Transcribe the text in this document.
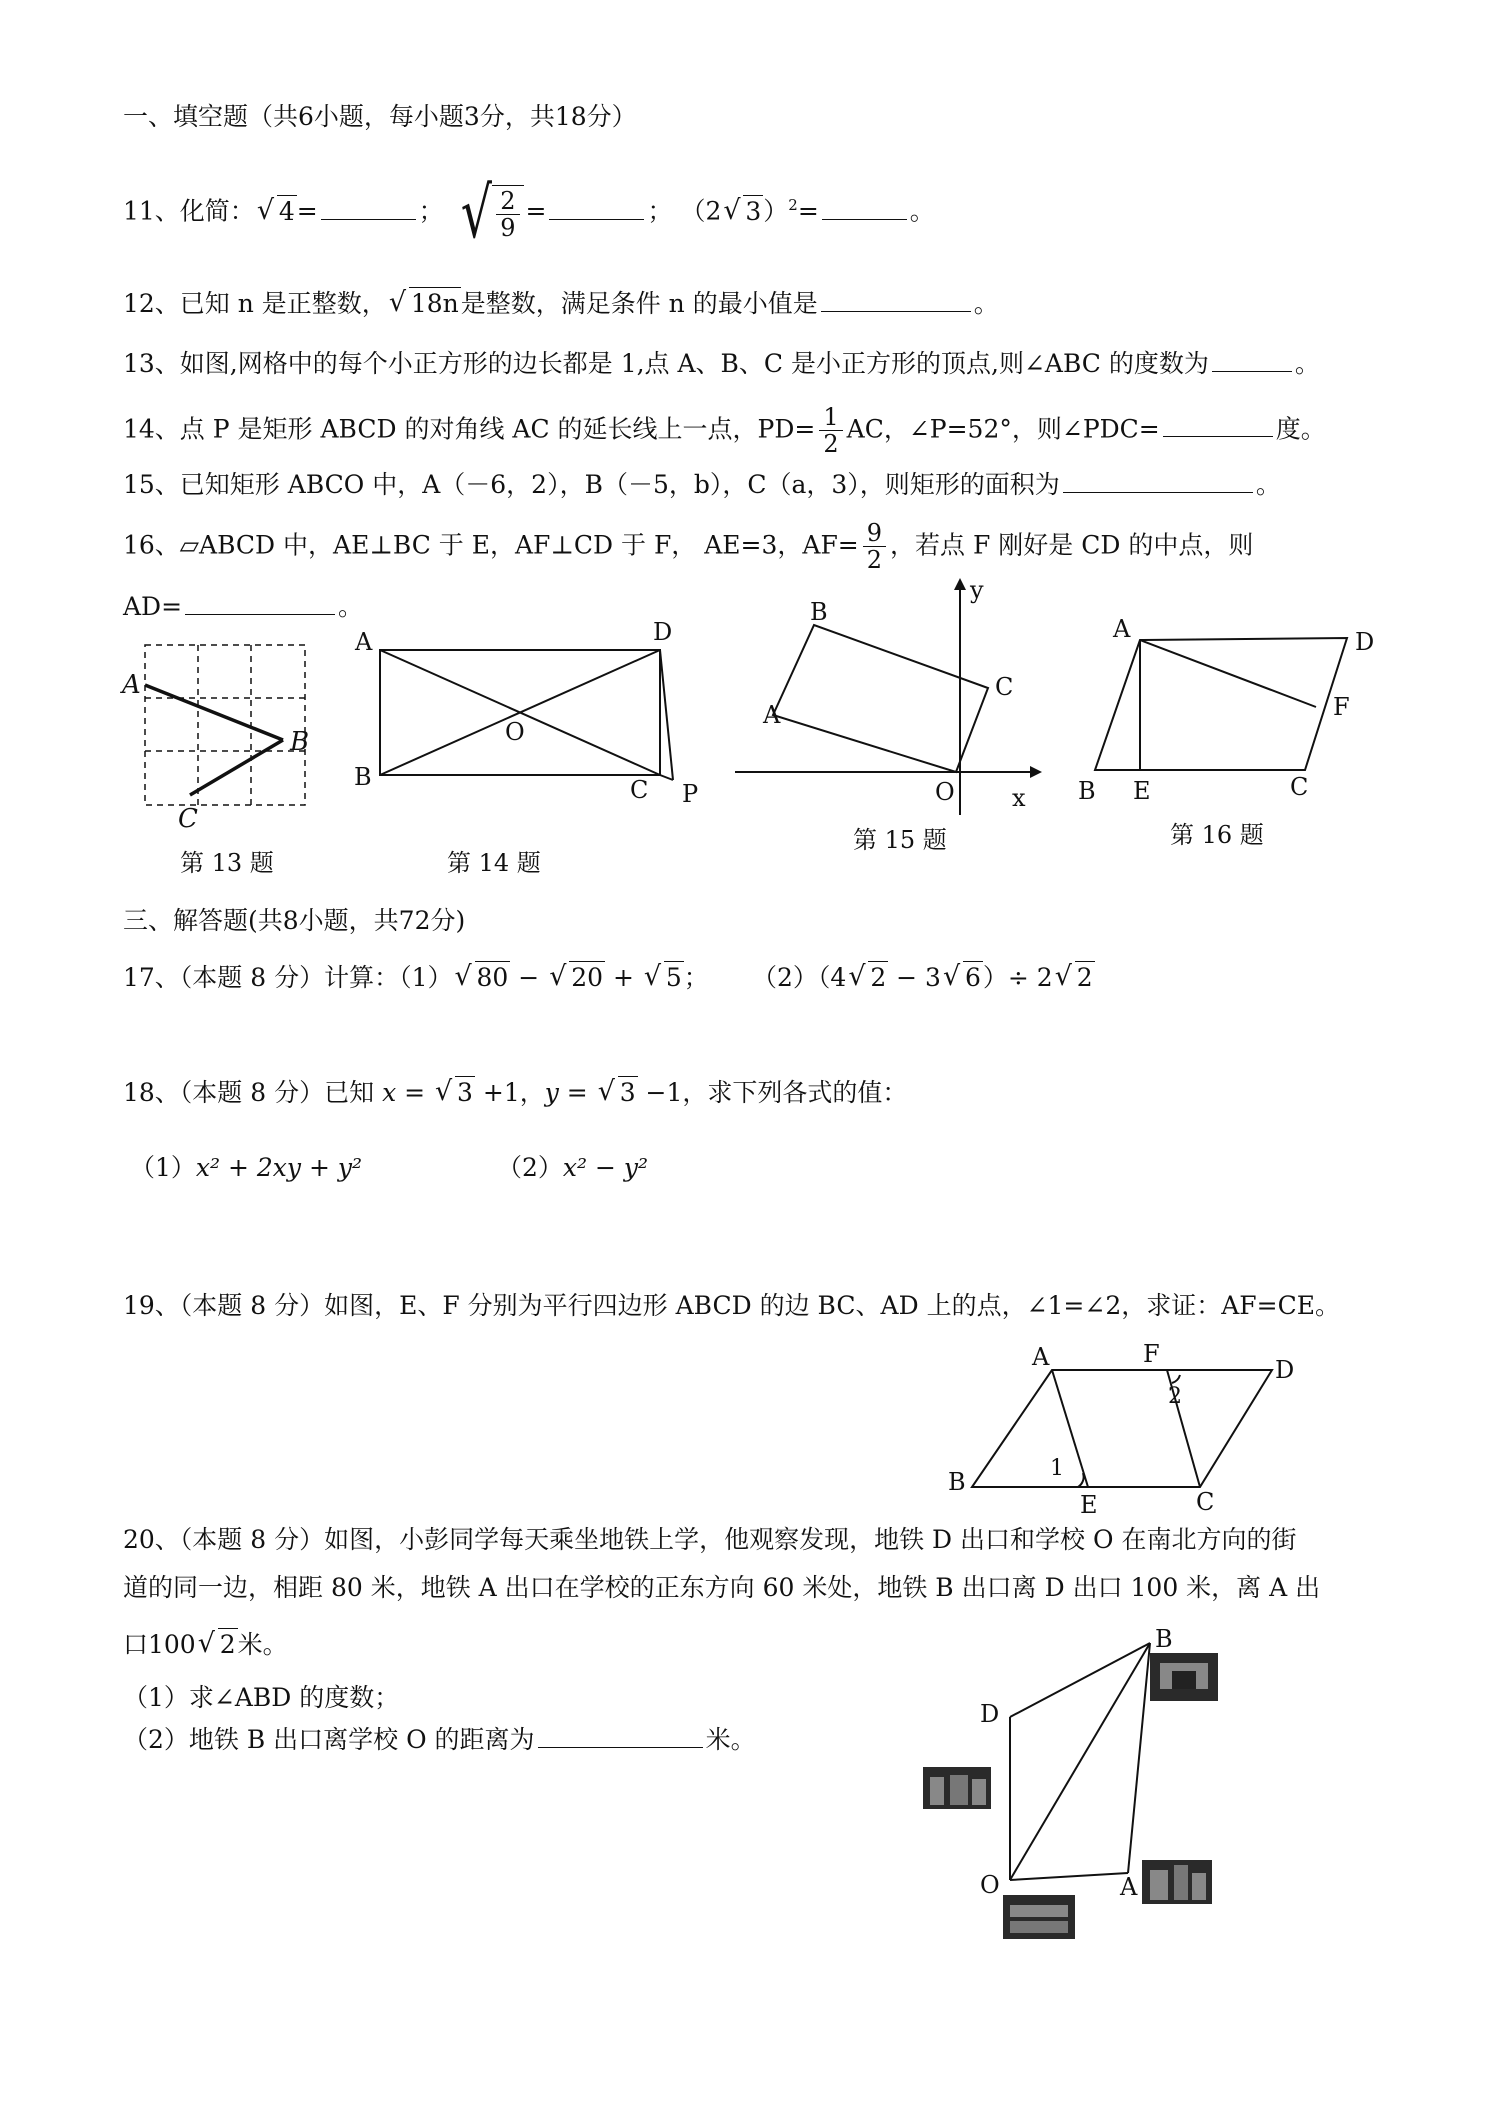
一、填空题（共6小题，每小题3分，共18分）
11、化简： √ 4=	； √ $\frac{2}{9}$ =	； （2 √ 3）$^2$=	。
12、已知 n 是正整数， √ 18n是整数，满足条件 n 的最小值是	。
13、如图,网格中的每个小正方形的边长都是 1,点 A、B、C 是小正方形的顶点,则∠ABC 的度数为	。
14、点 P 是矩形 ABCD 的对角线 AC 的延长线上一点，$PD= \frac{1}{2}$ AC，∠P=52°，则∠PDC=	度。
15、已知矩形 ABCO 中，A（－6，2），B（－5，b），C（a，3），则矩形的面积为	。
16、▱ABCD 中，AE⊥BC 于 E，AF⊥CD 于 F， AE=3，$AF= \frac{9}{2}$ ，若点 F 刚好是 CD 的中点，则
AD=	。
A
B
C
第 13 题
A	D
B	C
O
P
第 14 题
B
A
C
O x
y
第 15 题
A	D
F
B E	C
第 16 题
三、解答题(共8小题，共72分)
17、（本题 8 分）计算：（1） √ 80 − √ 20 + √ 5； （2）（4 √ 2 − 3 √ 6）÷ 2 √ 2
18、（本题 8 分）已知 x = √ 3 +1，y = √ 3 −1，求下列各式的值：
（1）x² + 2xy + y²	（2）x² − y²
19、（本题 8 分）如图，E、F 分别为平行四边形 ABCD 的边 BC、AD 上的点，∠1=∠2，求证：AF=CE。
A	F
D
B
E	C
1
2
20、（本题 8 分）如图，小彭同学每天乘坐地铁上学，他观察发现，地铁 D 出口和学校 O 在南北方向的街
道的同一边，相距 80 米，地铁 A 出口在学校的正东方向 60 米处，地铁 B 出口离 D 出口 100 米，离 A 出
口100 √ 2米。
（1）求∠ABD 的度数；
（2）地铁 B 出口离学校 O 的距离为	米。
B
D
O	A
